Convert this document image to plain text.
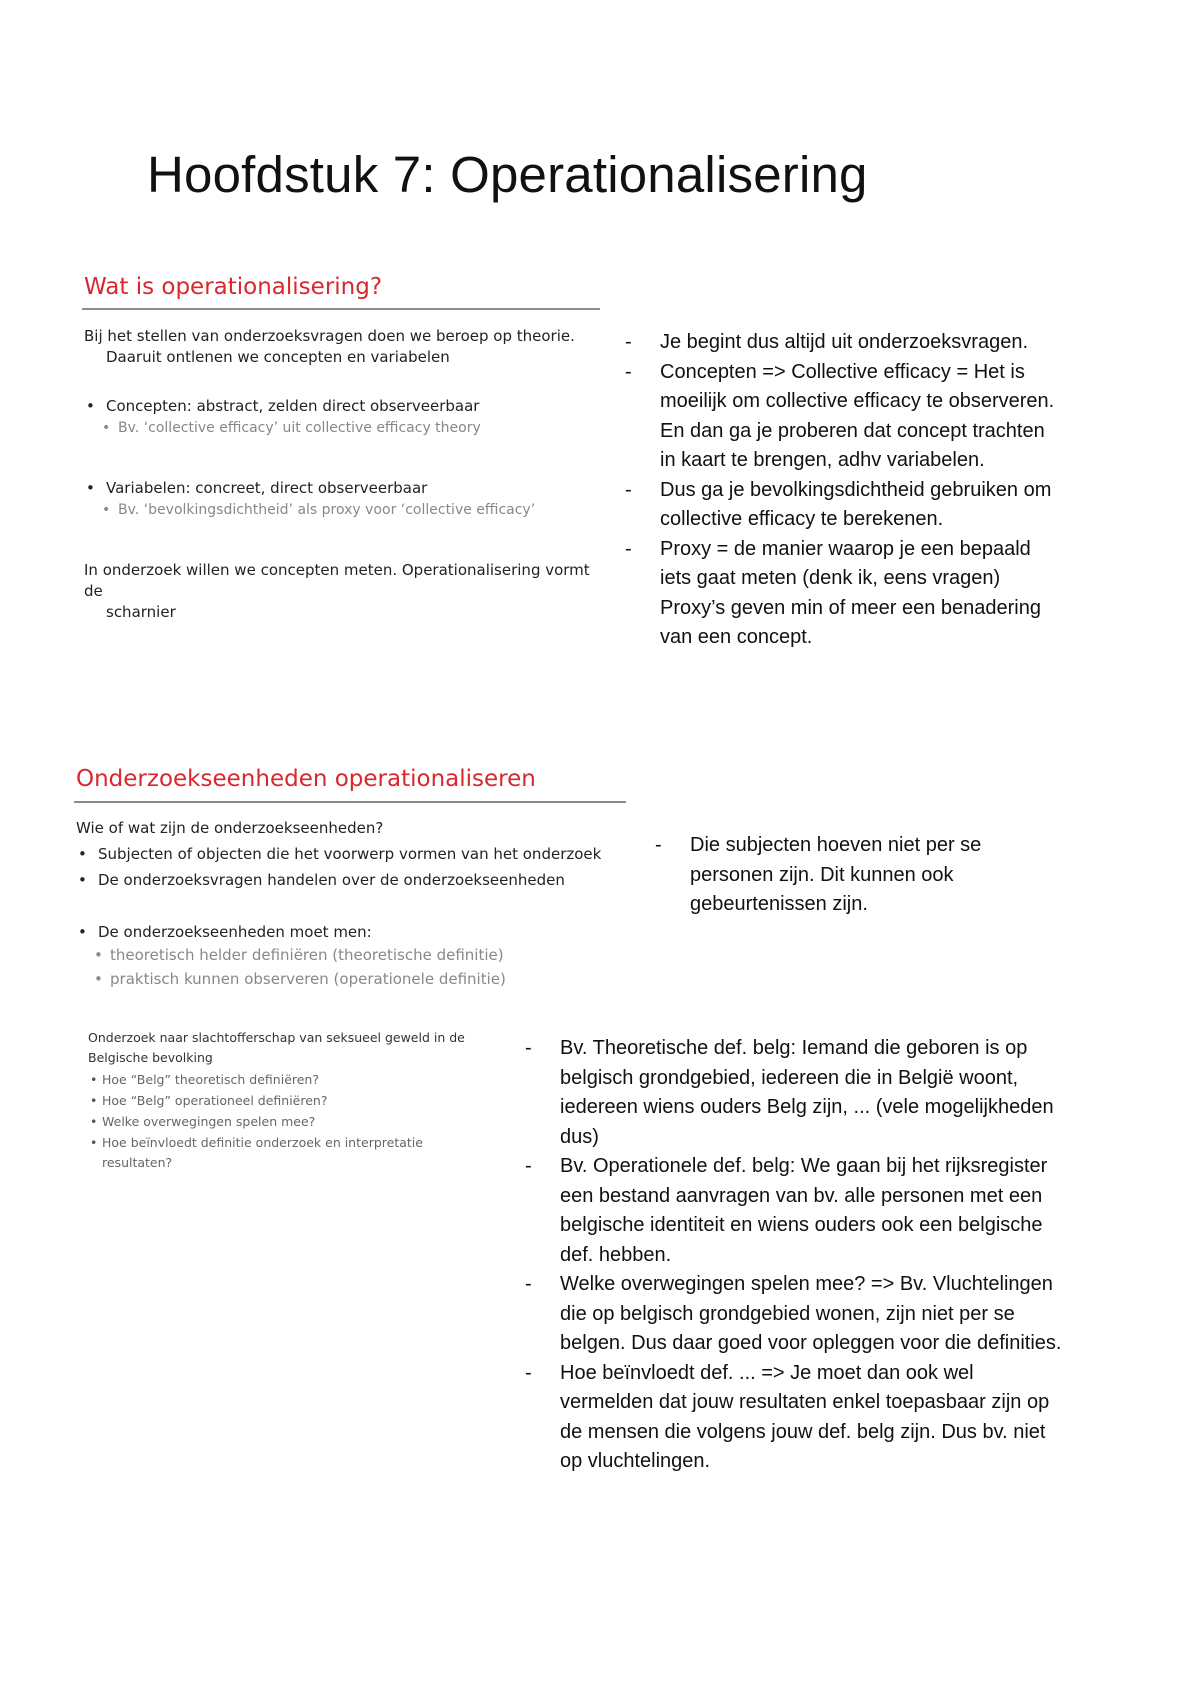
Hoofdstuk 7: Operationalisering
Wat is operationalisering?
Bij het stellen van onderzoeksvragen doen we beroep op theorie.
Daaruit ontlenen we concepten en variabelen
• Concepten: abstract, zelden direct observeerbaar
• Bv. ‘collective efficacy’ uit collective efficacy theory
• Variabelen: concreet, direct observeerbaar
• Bv. ‘bevolkingsdichtheid’ als proxy voor ‘collective efficacy’
In onderzoek willen we concepten meten. Operationalisering vormt de
scharnier
- Je begint dus altijd uit onderzoeksvragen.
- Concepten => Collective efficacy = Het is moeilijk om collective efficacy te observeren. En dan ga je proberen dat concept trachten in kaart te brengen, adhv variabelen.
- Dus ga je bevolkingsdichtheid gebruiken om collective efficacy te berekenen.
- Proxy = de manier waarop je een bepaald iets gaat meten (denk ik, eens vragen) Proxy’s geven min of meer een benadering van een concept.
Onderzoekseenheden operationaliseren
Wie of wat zijn de onderzoekseenheden?
• Subjecten of objecten die het voorwerp vormen van het onderzoek
• De onderzoeksvragen handelen over de onderzoekseenheden
• De onderzoekseenheden moet men:
• theoretisch helder definiëren (theoretische definitie)
• praktisch kunnen observeren (operationele definitie)
- Die subjecten hoeven niet per se personen zijn. Dit kunnen ook gebeurtenissen zijn.
Onderzoek naar slachtofferschap van seksueel geweld in de
Belgische bevolking
• Hoe “Belg” theoretisch definiëren?
• Hoe “Belg” operationeel definiëren?
• Welke overwegingen spelen mee?
• Hoe beïnvloedt definitie onderzoek en interpretatie resultaten?
- Bv. Theoretische def. belg: Iemand die geboren is op belgisch grondgebied, iedereen die in België woont, iedereen wiens ouders Belg zijn, ... (vele mogelijkheden dus)
- Bv. Operationele def. belg: We gaan bij het rijksregister een bestand aanvragen van bv. alle personen met een belgische identiteit en wiens ouders ook een belgische def. hebben.
- Welke overwegingen spelen mee? => Bv. Vluchtelingen die op belgisch grondgebied wonen, zijn niet per se belgen. Dus daar goed voor opleggen voor die definities.
- Hoe beïnvloedt def. ... => Je moet dan ook wel vermelden dat jouw resultaten enkel toepasbaar zijn op de mensen die volgens jouw def. belg zijn. Dus bv. niet op vluchtelingen.
